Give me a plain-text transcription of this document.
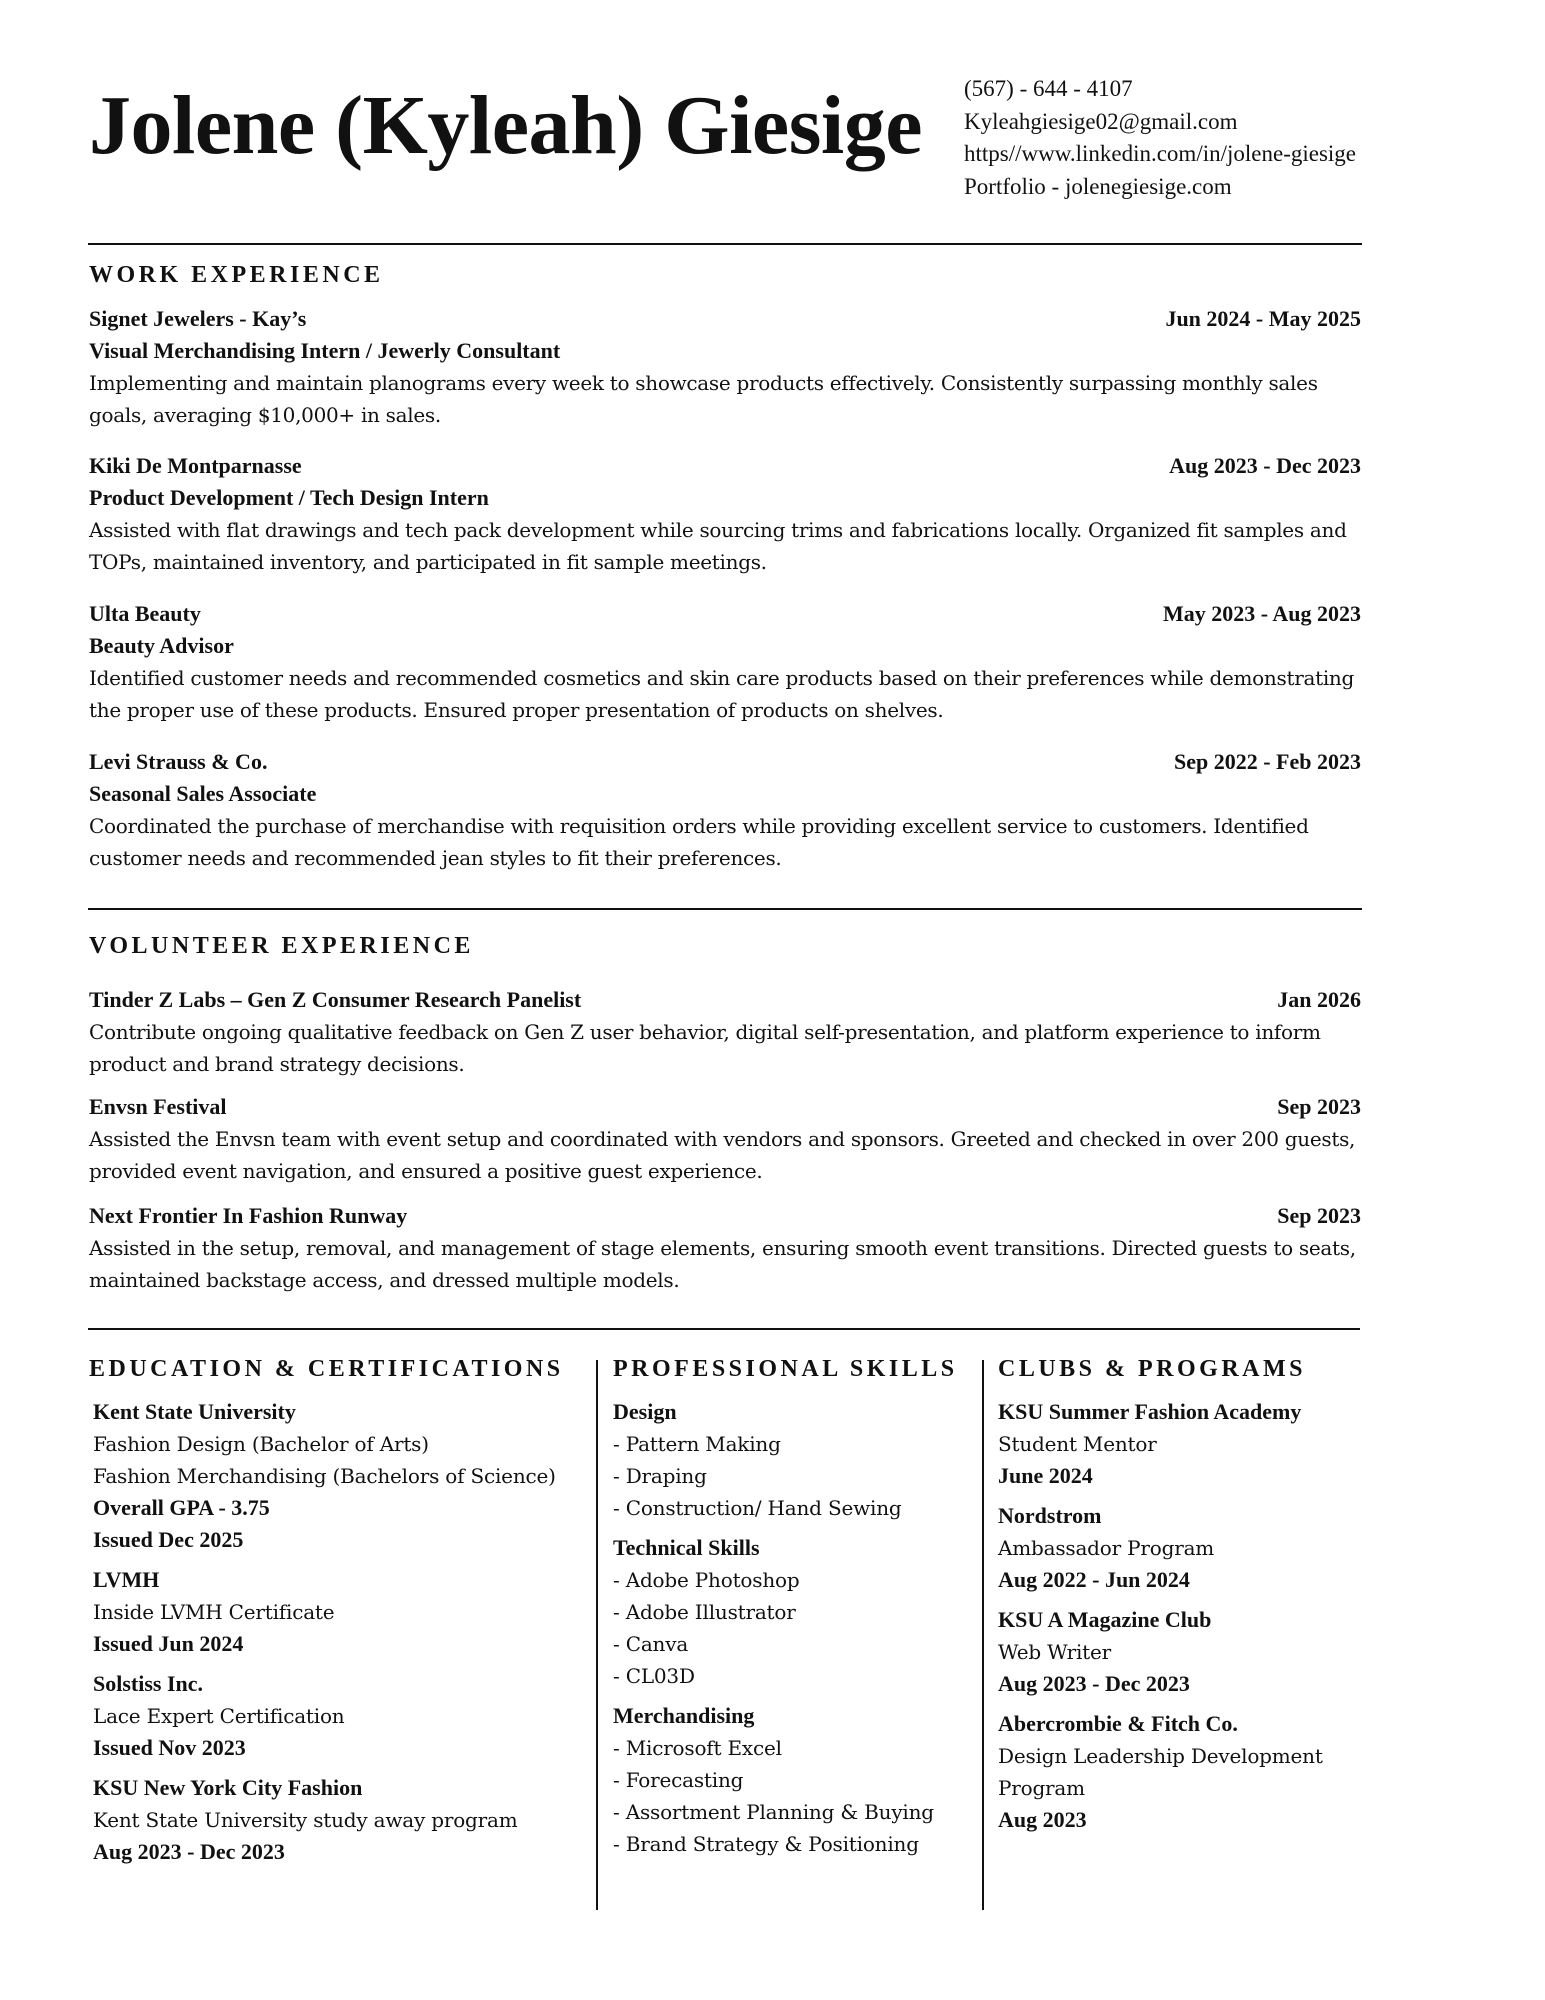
Jolene (Kyleah) Giesige (567) - 644 - 4107
Kyleahgiesige02@gmail.com
https//www.linkedin.com/in/jolene-giesige
Portfolio - jolenegiesige.com
WORK EXPERIENCE
Signet Jewelers - Kay’s	Jun 2024 - May 2025
Visual Merchandising Intern / Jewerly Consultant

Implementing and maintain planograms every week to showcase products effectively. Consistently surpassing monthly sales goals, averaging $10,000+ in sales.

Kiki De Montparnasse	Aug 2023 - Dec 2023
Product Development / Tech Design Intern

Assisted with flat drawings and tech pack development while sourcing trims and fabrications locally. Organized fit samples and TOPs, maintained inventory, and participated in fit sample meetings.

Ulta Beauty	May 2023 - Aug 2023
Beauty Advisor

Identified customer needs and recommended cosmetics and skin care products based on their preferences while demonstrating the proper use of these products. Ensured proper presentation of products on shelves.

Levi Strauss & Co.	Sep 2022 - Feb 2023
Seasonal Sales Associate

Coordinated the purchase of merchandise with requisition orders while providing excellent service to customers. Identified customer needs and recommended jean styles to fit their preferences.

VOLUNTEER EXPERIENCE
Tinder Z Labs – Gen Z Consumer Research Panelist	Jan 2026

Contribute ongoing qualitative feedback on Gen Z user behavior, digital self-presentation, and platform experience to inform product and brand strategy decisions.

Envsn Festival	Sep 2023

Assisted the Envsn team with event setup and coordinated with vendors and sponsors. Greeted and checked in over 200 guests, provided event navigation, and ensured a positive guest experience.

Next Frontier In Fashion Runway	Sep 2023

Assisted in the setup, removal, and management of stage elements, ensuring smooth event transitions. Directed guests to seats, maintained backstage access, and dressed multiple models.

EDUCATION & CERTIFICATIONS PROFESSIONAL SKILLS CLUBS & PROGRAMS
Kent State University
Fashion Design (Bachelor of Arts)
Fashion Merchandising (Bachelors of Science)
Overall GPA - 3.75
Issued Dec 2025
LVMH
Inside LVMH Certificate
Issued Jun 2024
Solstiss Inc.
Lace Expert Certification
Issued Nov 2023
KSU New York City Fashion
Kent State University study away program
Aug 2023 - Dec 2023
Design
- Pattern Making
- Draping
- Construction/ Hand Sewing
Technical Skills
- Adobe Photoshop
- Adobe Illustrator
- Canva
- CL03D
Merchandising
- Microsoft Excel
- Forecasting
- Assortment Planning & Buying
- Brand Strategy & Positioning
KSU Summer Fashion Academy
Student Mentor
June 2024
Nordstrom
Ambassador Program
Aug 2022 - Jun 2024
KSU A Magazine Club
Web Writer
Aug 2023 - Dec 2023
Abercrombie & Fitch Co.
Design Leadership Development
Program
Aug 2023
